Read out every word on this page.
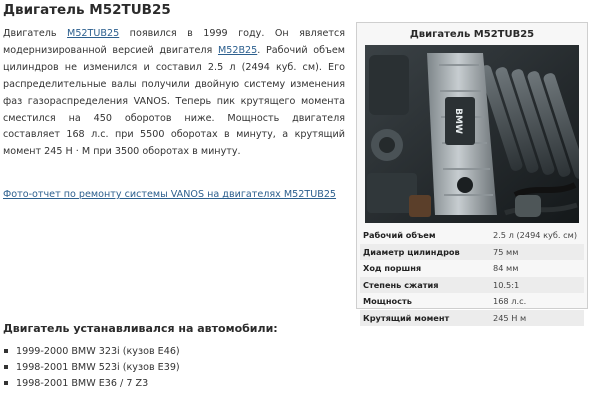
Двигатель M52TUB25
Двигатель M52TUB25 появился в 1999 году. Он является модернизированной версией двигателя M52B25. Рабочий объем цилиндров не изменился и составил 2.5 л (2494 куб. см). Его распределительные валы получили двойную систему изменения фаз газораспределения VANOS. Теперь пик крутящего момента сместился на 450 оборотов ниже. Мощность двигателя составляет 168 л.с. при 5500 оборотах в минуту, а крутящий момент 245 Н · М при 3500 оборотах в минуту.
Фото-отчет по ремонту системы VANOS на двигателях M52TUB25
Двигатель M52TUB25
BMW
Рабочий объем	2.5 л (2494 куб. см)
Диаметр цилиндров	75 мм
Ход поршня	84 мм
Степень сжатия	10.5:1
Мощность	168 л.с.
Крутящий момент	245 Н м
Двигатель устанавливался на автомобили:
1999-2000 BMW 323i (кузов E46)
1998-2001 BMW 523i (кузов E39)
1998-2001 BMW E36 / 7 Z3
